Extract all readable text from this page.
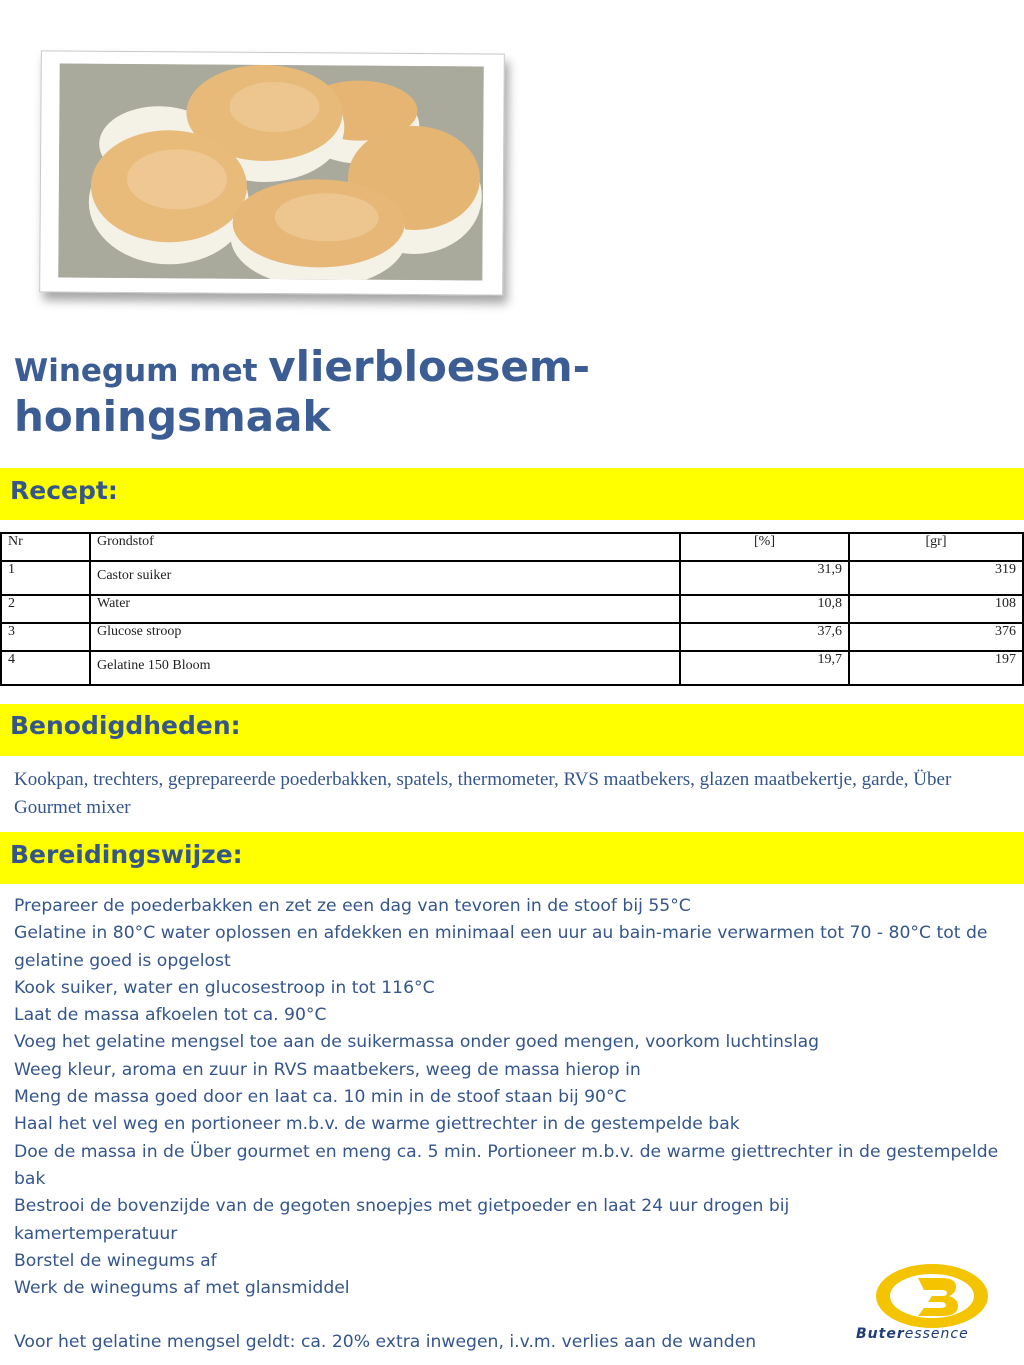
Winegum met vlierbloesem-
honingsmaak
Recept:
Nr	Grondstof	[%]	[gr]
1	Castor suiker	31,9	319
2	Water	10,8	108
3	Glucose stroop	37,6	376
4	Gelatine 150 Bloom	19,7	197
Benodigdheden:
Kookpan, trechters, geprepareerde poederbakken, spatels, thermometer, RVS maatbekers, glazen maatbekertje, garde, Über Gourmet mixer
Bereidingswijze:
Prepareer de poederbakken en zet ze een dag van tevoren in de stoof bij 55°C
Gelatine in 80°C water oplossen en afdekken en minimaal een uur au bain-marie verwarmen tot 70 - 80°C tot de gelatine goed is opgelost
Kook suiker, water en glucosestroop in tot 116°C
Laat de massa afkoelen tot ca. 90°C
Voeg het gelatine mengsel toe aan de suikermassa onder goed mengen, voorkom luchtinslag
Weeg kleur, aroma en zuur in RVS maatbekers, weeg de massa hierop in
Meng de massa goed door en laat ca. 10 min in de stoof staan bij 90°C
Haal het vel weg en portioneer m.b.v. de warme giettrechter in de gestempelde bak
Doe de massa in de Über gourmet en meng ca. 5 min. Portioneer m.b.v. de warme giettrechter in de gestempelde bak
Bestrooi de bovenzijde van de gegoten snoepjes met gietpoeder en laat 24 uur drogen bij kamertemperatuur
Borstel de winegums af
Werk de winegums af met glansmiddel
Voor het gelatine mengsel geldt: ca. 20% extra inwegen, i.v.m. verlies aan de wanden	Buteressence
